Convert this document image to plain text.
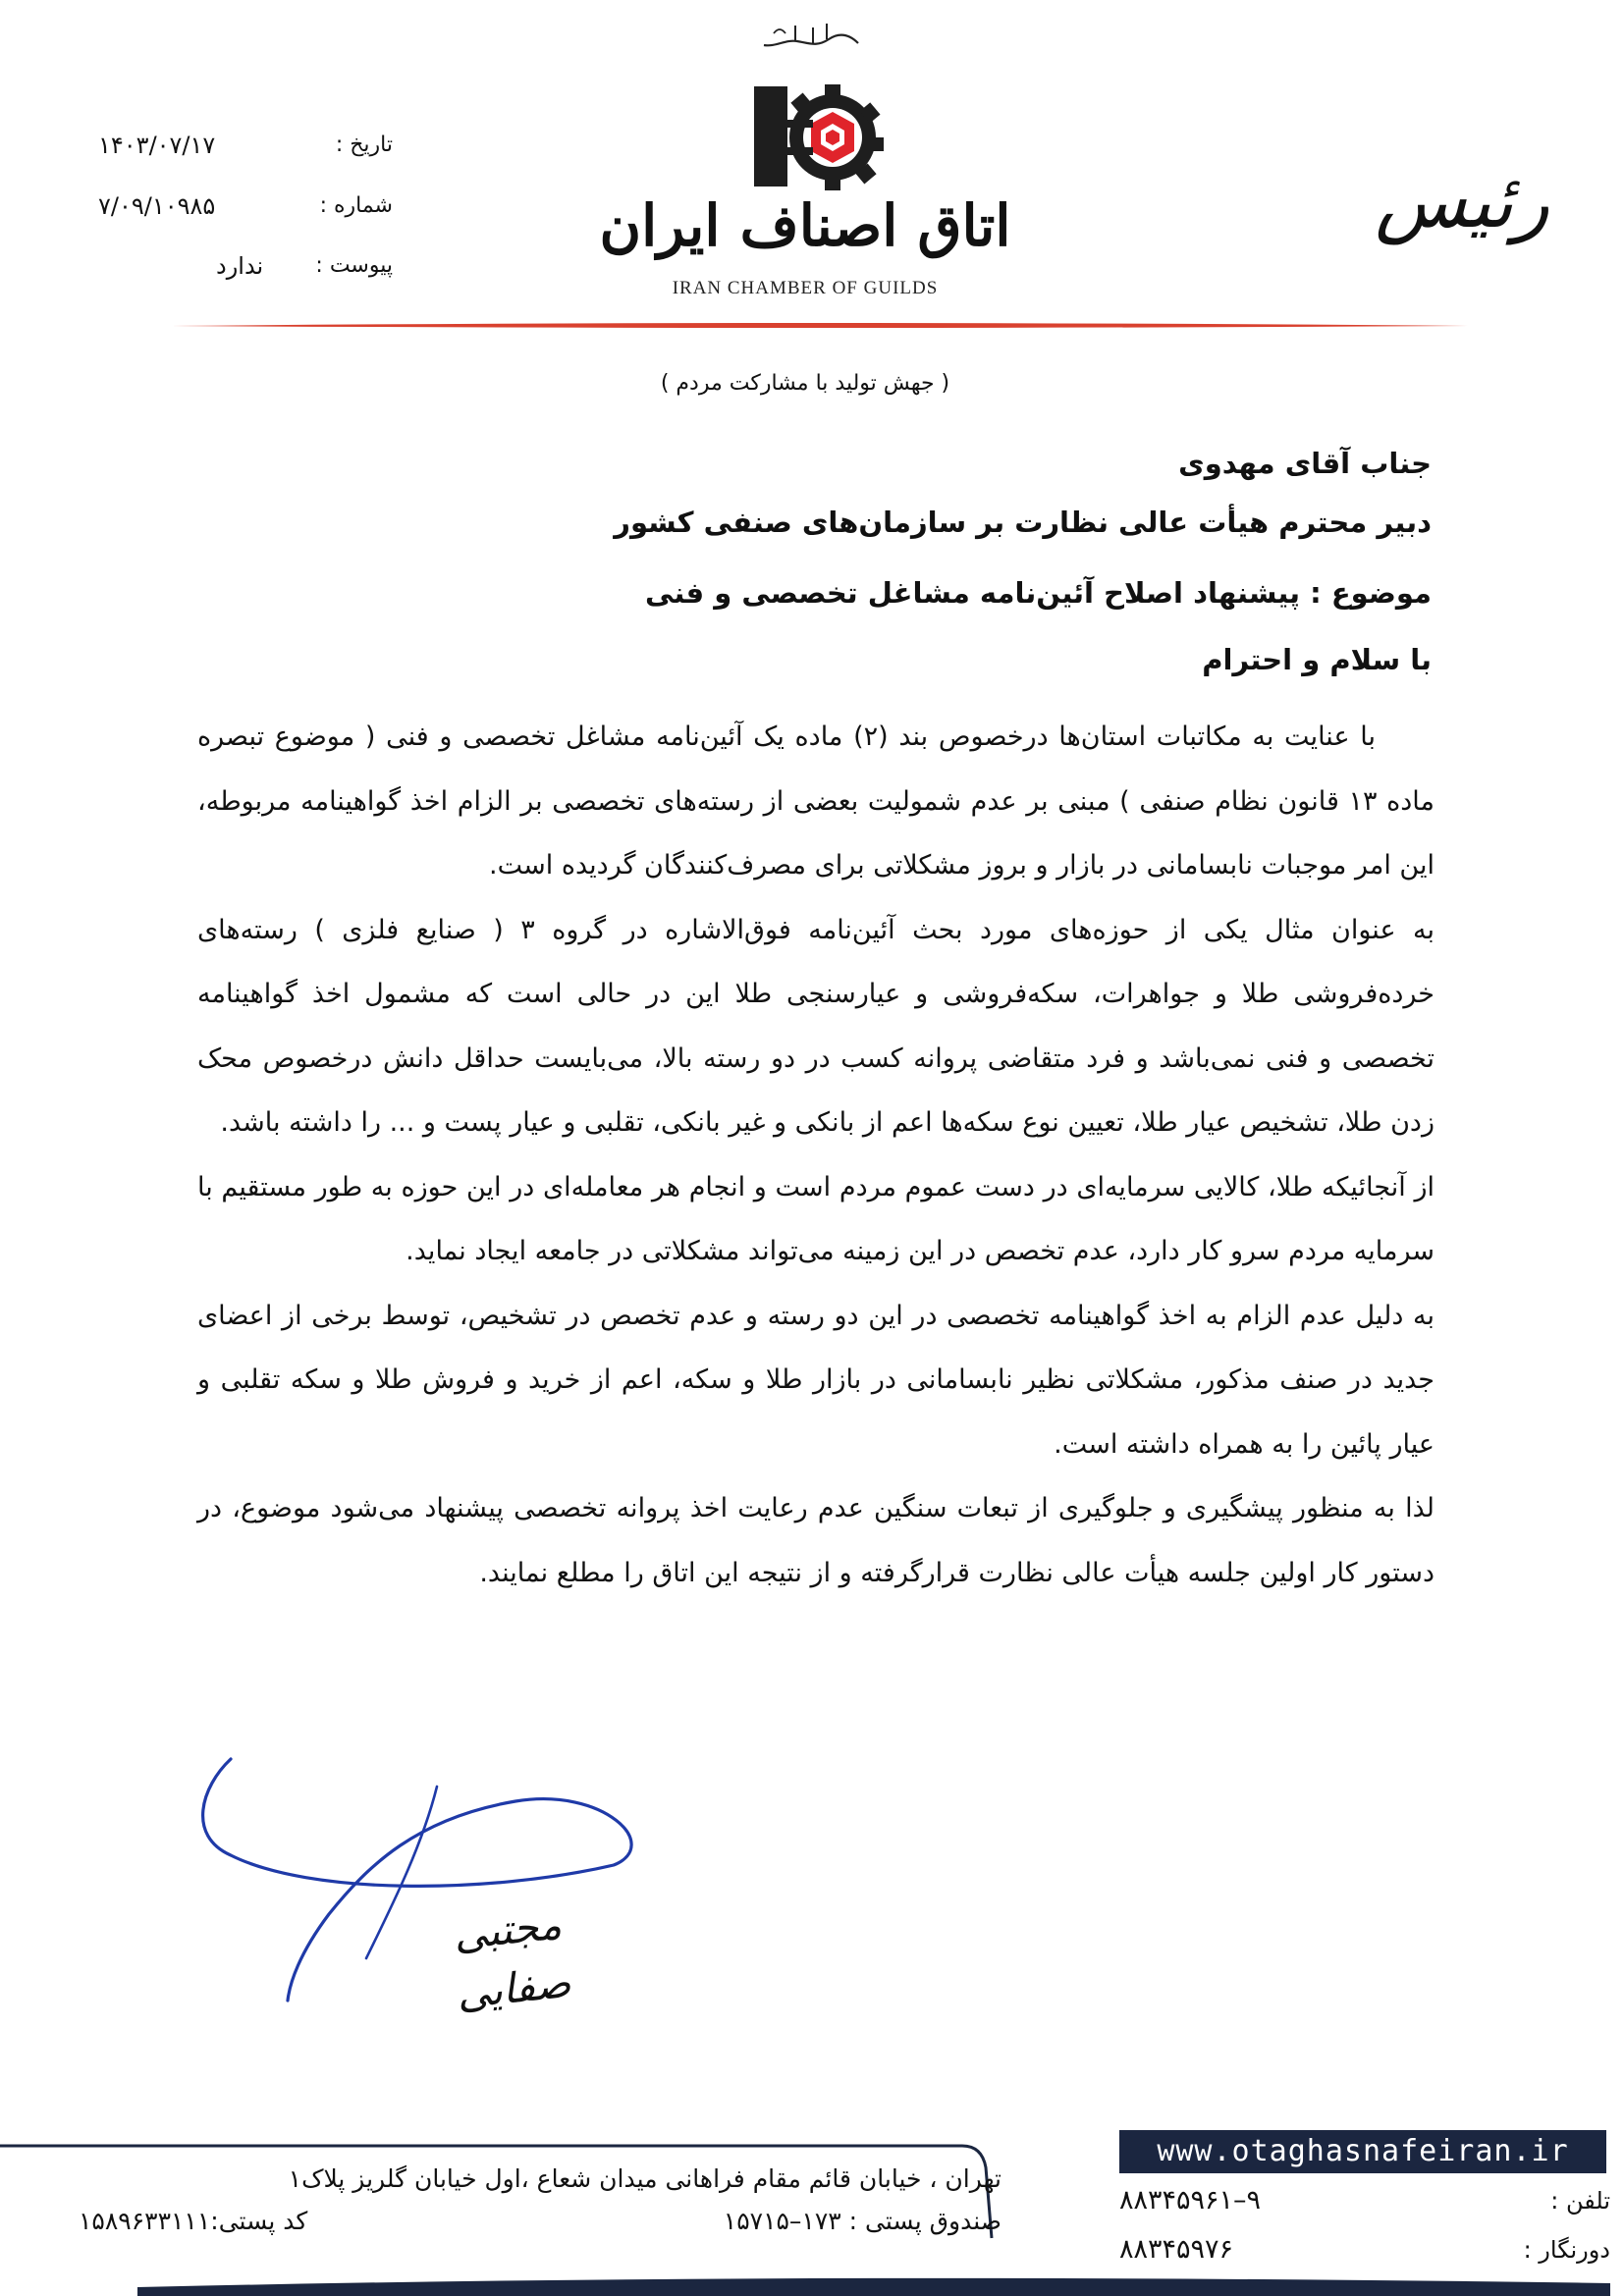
اتاق اصناف ایران
IRAN CHAMBER OF GUILDS
رئیس
تاریخ :
۱۴۰۳/۰۷/۱۷
شماره :
۷/۰۹/۱۰۹۸۵
پیوست :
ندارد
( جهش تولید با مشارکت مردم )
جناب آقای مهدوی
دبیر محترم هیأت عالی نظارت بر سازمان‌های صنفی کشور
موضوع : پیشنهاد اصلاح آئین‌نامه مشاغل تخصصی و فنی
با سلام و احترام

با عنایت به مکاتبات استان‌ها درخصوص بند (۲) ماده یک آئین‌نامه مشاغل تخصصی و فنی ( موضوع تبصره ماده ۱۳ قانون نظام صنفی ) مبنی بر عدم شمولیت بعضی از رسته‌های تخصصی بر الزام اخذ گواهینامه مربوطه، این امر موجبات نابسامانی در بازار و بروز مشکلاتی برای مصرف‌کنندگان گردیده است.

به عنوان مثال یکی از حوزه‌های مورد بحث آئین‌نامه فوق‌الاشاره در گروه ۳ ( صنایع فلزی ) رسته‌های خرده‌فروشی طلا و جواهرات، سکه‌فروشی و عیارسنجی طلا این در حالی است که مشمول اخذ گواهینامه تخصصی و فنی نمی‌باشد و فرد متقاضی پروانه کسب در دو رسته بالا، می‌بایست حداقل دانش درخصوص محک زدن طلا، تشخیص عیار طلا، تعیین نوع سکه‌ها اعم از بانکی و غیر بانکی، تقلبی و عیار پست و ... را داشته باشد.

از آنجائیکه طلا، کالایی سرمایه‌ای در دست عموم مردم است و انجام هر معامله‌ای در این حوزه به طور مستقیم با سرمایه مردم سرو کار دارد، عدم تخصص در این زمینه می‌تواند مشکلاتی در جامعه ایجاد نماید.

به دلیل عدم الزام به اخذ گواهینامه تخصصی در این دو رسته و عدم تخصص در تشخیص، توسط برخی از اعضای جدید در صنف مذکور، مشکلاتی نظیر نابسامانی در بازار طلا و سکه، اعم از خرید و فروش طلا و سکه تقلبی و عیار پائین را به همراه داشته است.

لذا به منظور پیشگیری و جلوگیری از تبعات سنگین عدم رعایت اخذ پروانه تخصصی پیشنهاد می‌شود موضوع، در دستور کار اولین جلسه هیأت عالی نظارت قرارگرفته و از نتیجه این اتاق را مطلع نمایند.

مجتبی صفایی
تهران ، خیابان قائم مقام فراهانی میدان شعاع ،اول خیابان گلریز پلاک۱
صندوق پستی : ۱۷۳–۱۵۷۱۵
کد پستی:۱۵۸۹۶۳۳۱۱۱
www.otaghasnafeiran.ir
تلفن :
۸۸۳۴۵۹۶۱–۹
دورنگار :
۸۸۳۴۵۹۷۶
